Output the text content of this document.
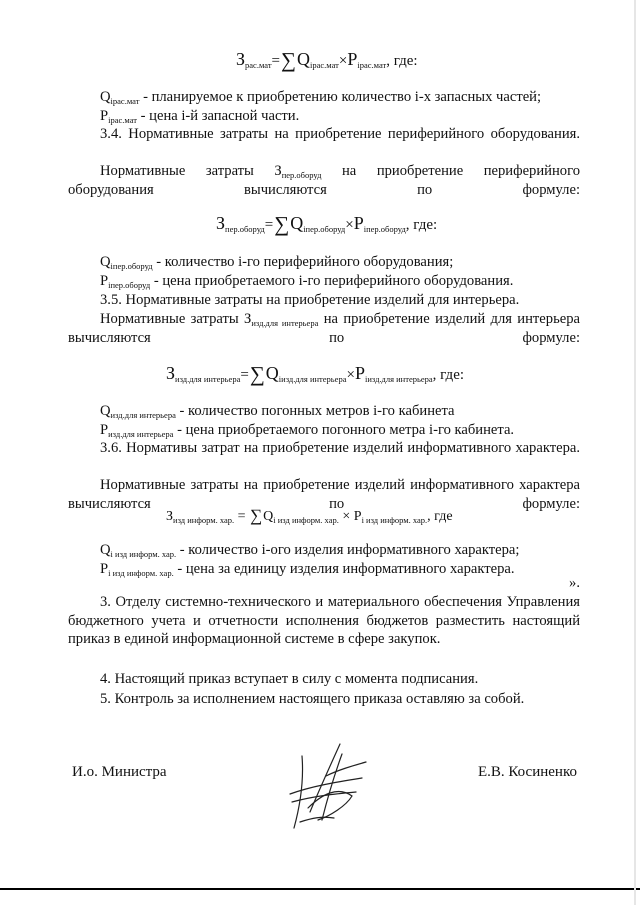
$З_{рас.мат}=\sum Q_{iрас.мат}\times P_{iрас.мат}$, где:
$Q_{iрас.мат}$ - планируемое к приобретению количество i-х запасных частей;
$P_{iрас.мат}$ - цена i-й запасной части.
3.4. Нормативные затраты на приобретение периферийного оборудования.
Нормативные затраты $З_{пер.оборуд}$ на приобретение периферийного оборудования вычисляются по формуле:
$З_{пер.оборуд}=\sum Q_{iпер.оборуд}\times P_{iпер.оборуд}$, где:
$Q_{iпер.оборуд}$ - количество i-го периферийного оборудования;
$P_{iпер.оборуд}$ - цена приобретаемого i-го периферийного оборудования.
3.5. Нормативные затраты на приобретение изделий для интерьера.
Нормативные затраты $З_{изд.для интерьера}$ на приобретение изделий для интерьера вычисляются по формуле:
$З_{изд.для интерьера}=\sum Q_{iизд.для интерьера}\times P_{iизд.для интерьера}$, где:
$Q_{изд.для интерьера}$ - количество погонных метров i-го кабинета
$P_{изд.для интерьера}$ - цена приобретаемого погонного метра i-го кабинета.
3.6. Нормативы затрат на приобретение изделий информативного характера.
Нормативные затраты на приобретение изделий информативного характера вычисляются по формуле:
$З_{изд информ. хар.} = \sum Q_{i изд информ. хар.} \times P_{i изд информ. хар.}$, где
$Q_{i изд информ. хар.}$ - количество i-ого изделия информативного характера;
$P_{i изд информ. хар.}$ - цена за единицу изделия информативного характера.
».
3. Отделу системно-технического и материального обеспечения Управления бюджетного учета и отчетности исполнения бюджетов разместить настоящий приказ в единой информационной системе в сфере закупок.
4. Настоящий приказ вступает в силу с момента подписания.
5. Контроль за исполнением настоящего приказа оставляю за собой.
И.о. Министра	Е.В. Косиненко
